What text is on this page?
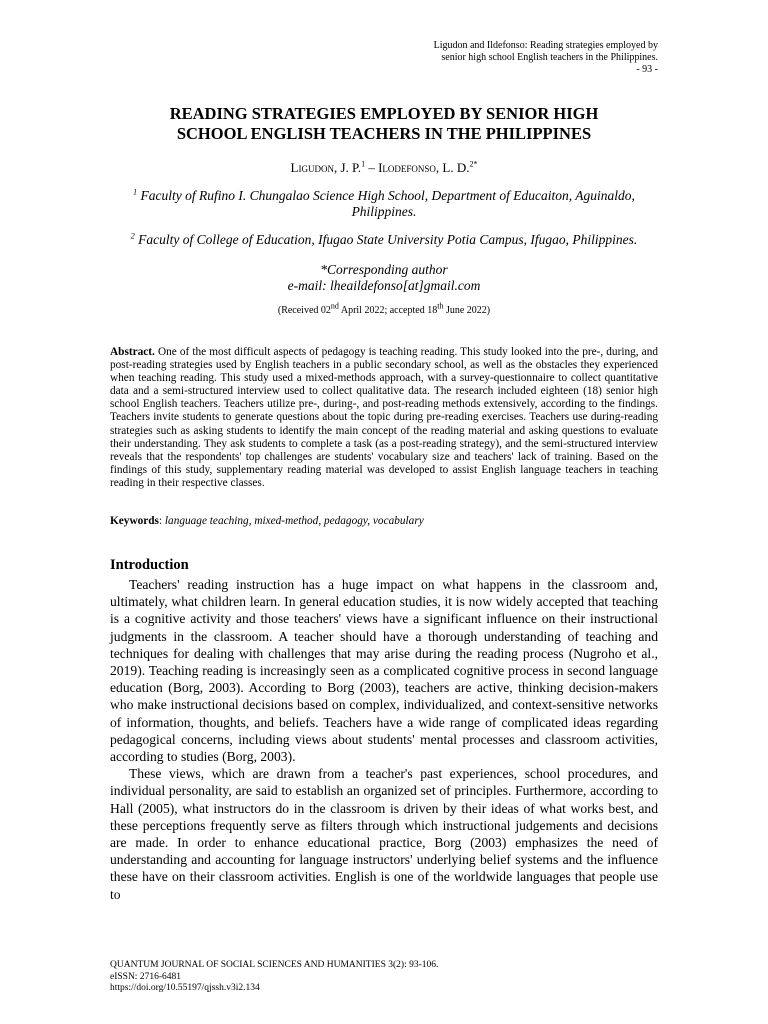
Ligudon and Ildefonso: Reading strategies employed by
senior high school English teachers in the Philippines.
- 93 -
READING STRATEGIES EMPLOYED BY SENIOR HIGH
SCHOOL ENGLISH TEACHERS IN THE PHILIPPINES
Ligudon, J. P.$^1$ – Ilodefonso, L. D.$^{2*}$
$^1$ Faculty of Rufino I. Chungalao Science High School, Department of Educaiton, Aguinaldo, Philippines.
$^2$ Faculty of College of Education, Ifugao State University Potia Campus, Ifugao, Philippines.
*Corresponding author
e-mail: lheaildefonso[at]gmail.com
(Received 02nd April 2022; accepted 18th June 2022)
Abstract. One of the most difficult aspects of pedagogy is teaching reading. This study looked into the pre-, during, and post-reading strategies used by English teachers in a public secondary school, as well as the obstacles they experienced when teaching reading. This study used a mixed-methods approach, with a survey-questionnaire to collect quantitative data and a semi-structured interview used to collect qualitative data. The research included eighteen (18) senior high school English teachers. Teachers utilize pre-, during-, and post-reading methods extensively, according to the findings. Teachers invite students to generate questions about the topic during pre-reading exercises. Teachers use during-reading strategies such as asking students to identify the main concept of the reading material and asking questions to evaluate their understanding. They ask students to complete a task (as a post-reading strategy), and the semi-structured interview reveals that the respondents' top challenges are students' vocabulary size and teachers' lack of training. Based on the findings of this study, supplementary reading material was developed to assist English language teachers in teaching reading in their respective classes.
Keywords: language teaching, mixed-method, pedagogy, vocabulary
Introduction

Teachers' reading instruction has a huge impact on what happens in the classroom and, ultimately, what children learn. In general education studies, it is now widely accepted that teaching is a cognitive activity and those teachers' views have a significant influence on their instructional judgments in the classroom. A teacher should have a thorough understanding of teaching and techniques for dealing with challenges that may arise during the reading process (Nugroho et al., 2019). Teaching reading is increasingly seen as a complicated cognitive process in second language education (Borg, 2003). According to Borg (2003), teachers are active, thinking decision-makers who make instructional decisions based on complex, individualized, and context-sensitive networks of information, thoughts, and beliefs. Teachers have a wide range of complicated ideas regarding pedagogical concerns, including views about students' mental processes and classroom activities, according to studies (Borg, 2003).

These views, which are drawn from a teacher's past experiences, school procedures, and individual personality, are said to establish an organized set of principles. Furthermore, according to Hall (2005), what instructors do in the classroom is driven by their ideas of what works best, and these perceptions frequently serve as filters through which instructional judgements and decisions are made. In order to enhance educational practice, Borg (2003) emphasizes the need of understanding and accounting for language instructors' underlying belief systems and the influence these have on their classroom activities. English is one of the worldwide languages that people use to

QUANTUM JOURNAL OF SOCIAL SCIENCES AND HUMANITIES 3(2): 93-106.
eISSN: 2716-6481
https://doi.org/10.55197/qjssh.v3i2.134
